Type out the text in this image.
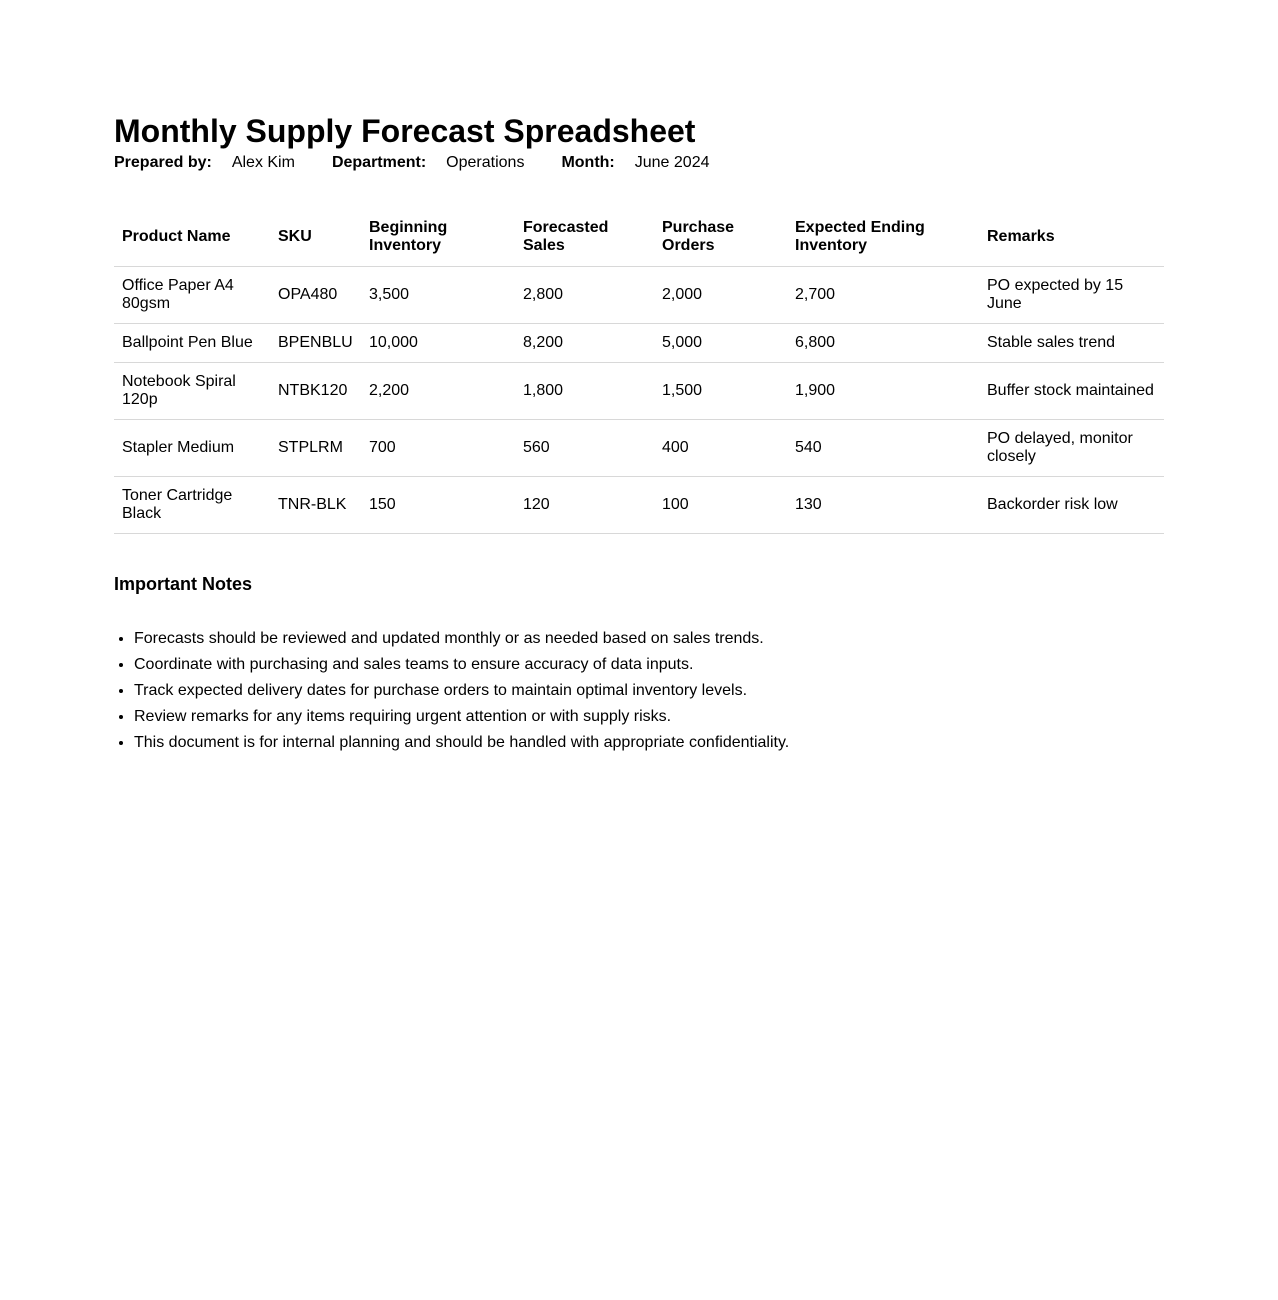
Monthly Supply Forecast Spreadsheet
Prepared by: Alex Kim Department: Operations Month: June 2024
Product Name	SKU	Beginning Inventory	Forecasted Sales	Purchase Orders	Expected Ending Inventory	Remarks
Office Paper A4 80gsm	OPA480	3,500	2,800	2,000	2,700	PO expected by 15 June
Ballpoint Pen Blue	BPENBLU	10,000	8,200	5,000	6,800	Stable sales trend
Notebook Spiral 120p	NTBK120	2,200	1,800	1,500	1,900	Buffer stock maintained
Stapler Medium	STPLRM	700	560	400	540	PO delayed, monitor closely
Toner Cartridge Black	TNR-BLK	150	120	100	130	Backorder risk low
Important Notes
• Forecasts should be reviewed and updated monthly or as needed based on sales trends.
• Coordinate with purchasing and sales teams to ensure accuracy of data inputs.
• Track expected delivery dates for purchase orders to maintain optimal inventory levels.
• Review remarks for any items requiring urgent attention or with supply risks.
• This document is for internal planning and should be handled with appropriate confidentiality.
